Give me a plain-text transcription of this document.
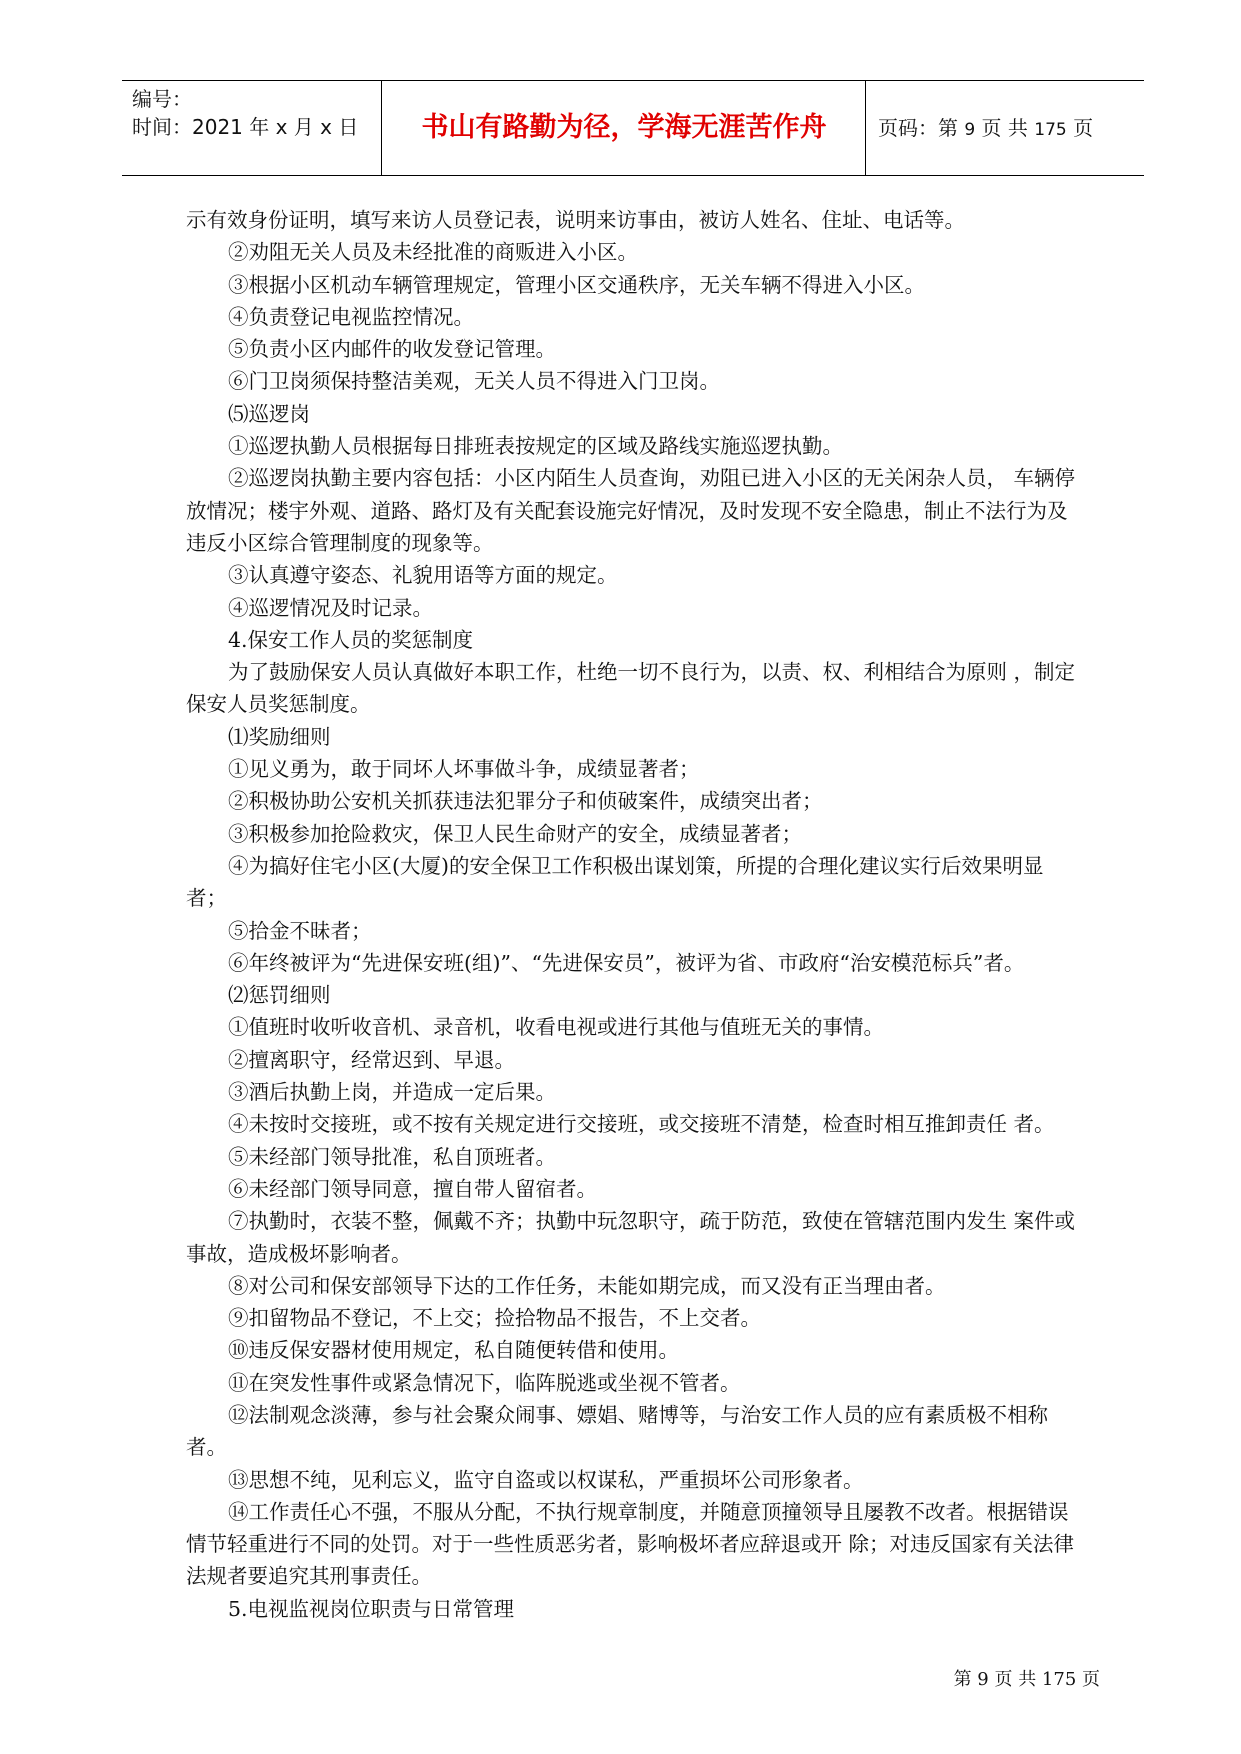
编号：
时间：2021 年 x 月 x 日	书山有路勤为径，学海无涯苦作舟	页码：第 9 页 共 175 页

示有效身份证明，填写来访人员登记表，说明来访事由，被访人姓名、住址、电话等。

②劝阻无关人员及未经批准的商贩进入小区。

③根据小区机动车辆管理规定，管理小区交通秩序，无关车辆不得进入小区。

④负责登记电视监控情况。

⑤负责小区内邮件的收发登记管理。

⑥门卫岗须保持整洁美观，无关人员不得进入门卫岗。

⑸巡逻岗

①巡逻执勤人员根据每日排班表按规定的区域及路线实施巡逻执勤。

②巡逻岗执勤主要内容包括：小区内陌生人员查询，劝阻已进入小区的无关闲杂人员， 车辆停放情况；楼宇外观、道路、路灯及有关配套设施完好情况，及时发现不安全隐患，制止不法行为及违反小区综合管理制度的现象等。

③认真遵守姿态、礼貌用语等方面的规定。

④巡逻情况及时记录。

4.保安工作人员的奖惩制度

为了鼓励保安人员认真做好本职工作，杜绝一切不良行为，以责、权、利相结合为原则 ，制定保安人员奖惩制度。

⑴奖励细则

①见义勇为，敢于同坏人坏事做斗争，成绩显著者；

②积极协助公安机关抓获违法犯罪分子和侦破案件，成绩突出者；

③积极参加抢险救灾，保卫人民生命财产的安全，成绩显著者；

④为搞好住宅小区(大厦)的安全保卫工作积极出谋划策，所提的合理化建议实行后效果明显者；

⑤拾金不昧者；

⑥年终被评为“先进保安班(组)”、“先进保安员”，被评为省、市政府“治安模范标兵”者。

⑵惩罚细则

①值班时收听收音机、录音机，收看电视或进行其他与值班无关的事情。

②擅离职守，经常迟到、早退。

③酒后执勤上岗，并造成一定后果。

④未按时交接班，或不按有关规定进行交接班，或交接班不清楚，检查时相互推卸责任 者。

⑤未经部门领导批准，私自顶班者。

⑥未经部门领导同意，擅自带人留宿者。

⑦执勤时，衣装不整，佩戴不齐；执勤中玩忽职守，疏于防范，致使在管辖范围内发生 案件或事故，造成极坏影响者。

⑧对公司和保安部领导下达的工作任务，未能如期完成，而又没有正当理由者。

⑨扣留物品不登记，不上交；捡拾物品不报告，不上交者。

⑩违反保安器材使用规定，私自随便转借和使用。

⑪在突发性事件或紧急情况下，临阵脱逃或坐视不管者。

⑫法制观念淡薄，参与社会聚众闹事、嫖娼、赌博等，与治安工作人员的应有素质极不相称者。

⑬思想不纯，见利忘义，监守自盗或以权谋私，严重损坏公司形象者。

⑭工作责任心不强，不服从分配，不执行规章制度，并随意顶撞领导且屡教不改者。根据错误情节轻重进行不同的处罚。对于一些性质恶劣者，影响极坏者应辞退或开 除；对违反国家有关法律法规者要追究其刑事责任。

5.电视监视岗位职责与日常管理

第 9 页 共 175 页
